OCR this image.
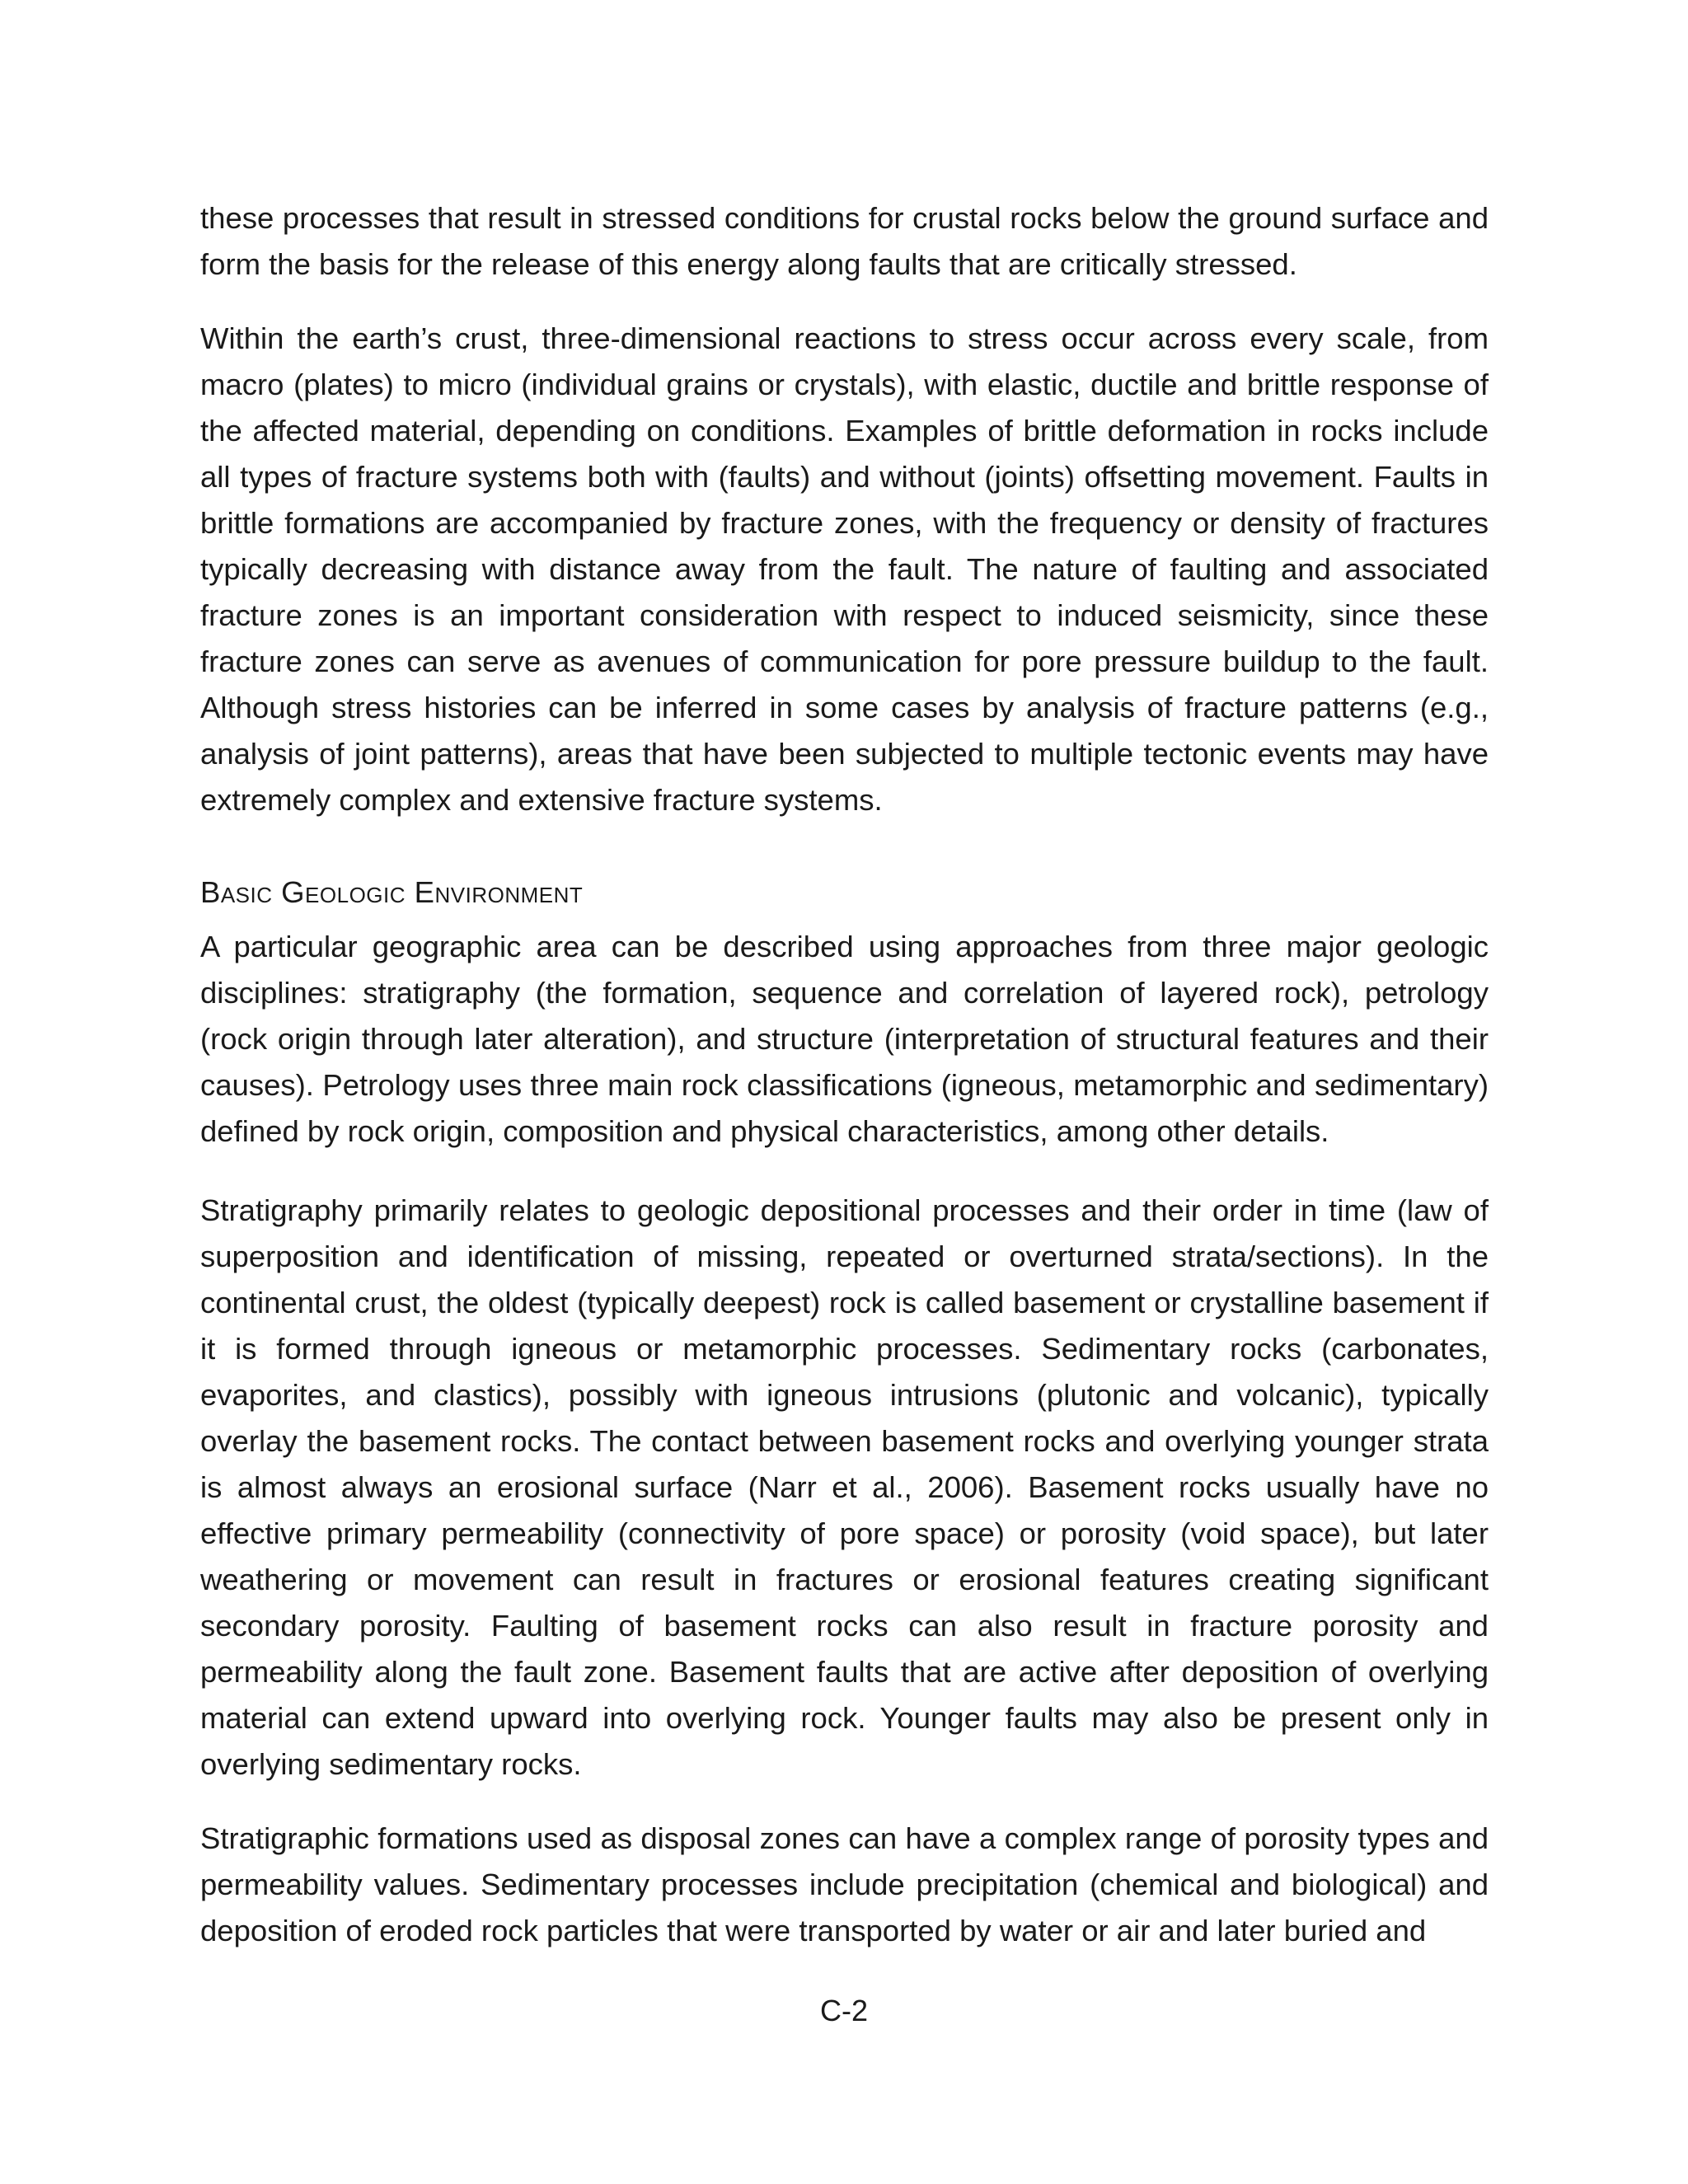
these processes that result in stressed conditions for crustal rocks below the ground surface and form the basis for the release of this energy along faults that are critically stressed.

Within the earth’s crust, three-dimensional reactions to stress occur across every scale, from macro (plates) to micro (individual grains or crystals), with elastic, ductile and brittle response of the affected material, depending on conditions. Examples of brittle deformation in rocks include all types of fracture systems both with (faults) and without (joints) offsetting movement. Faults in brittle formations are accompanied by fracture zones, with the frequency or density of fractures typically decreasing with distance away from the fault. The nature of faulting and associated fracture zones is an important consideration with respect to induced seismicity, since these fracture zones can serve as avenues of communication for pore pressure buildup to the fault. Although stress histories can be inferred in some cases by analysis of fracture patterns (e.g., analysis of joint patterns), areas that have been subjected to multiple tectonic events may have extremely complex and extensive fracture systems.

Basic Geologic Environment

A particular geographic area can be described using approaches from three major geologic disciplines: stratigraphy (the formation, sequence and correlation of layered rock), petrology (rock origin through later alteration), and structure (interpretation of structural features and their causes). Petrology uses three main rock classifications (igneous, metamorphic and sedimentary) defined by rock origin, composition and physical characteristics, among other details.

Stratigraphy primarily relates to geologic depositional processes and their order in time (law of superposition and identification of missing, repeated or overturned strata/sections). In the continental crust, the oldest (typically deepest) rock is called basement or crystalline basement if it is formed through igneous or metamorphic processes. Sedimentary rocks (carbonates, evaporites, and clastics), possibly with igneous intrusions (plutonic and volcanic), typically overlay the basement rocks. The contact between basement rocks and overlying younger strata is almost always an erosional surface (Narr et al., 2006). Basement rocks usually have no effective primary permeability (connectivity of pore space) or porosity (void space), but later weathering or movement can result in fractures or erosional features creating significant secondary porosity. Faulting of basement rocks can also result in fracture porosity and permeability along the fault zone. Basement faults that are active after deposition of overlying material can extend upward into overlying rock. Younger faults may also be present only in overlying sedimentary rocks.

Stratigraphic formations used as disposal zones can have a complex range of porosity types and permeability values. Sedimentary processes include precipitation (chemical and biological) and deposition of eroded rock particles that were transported by water or air and later buried and

C-2
